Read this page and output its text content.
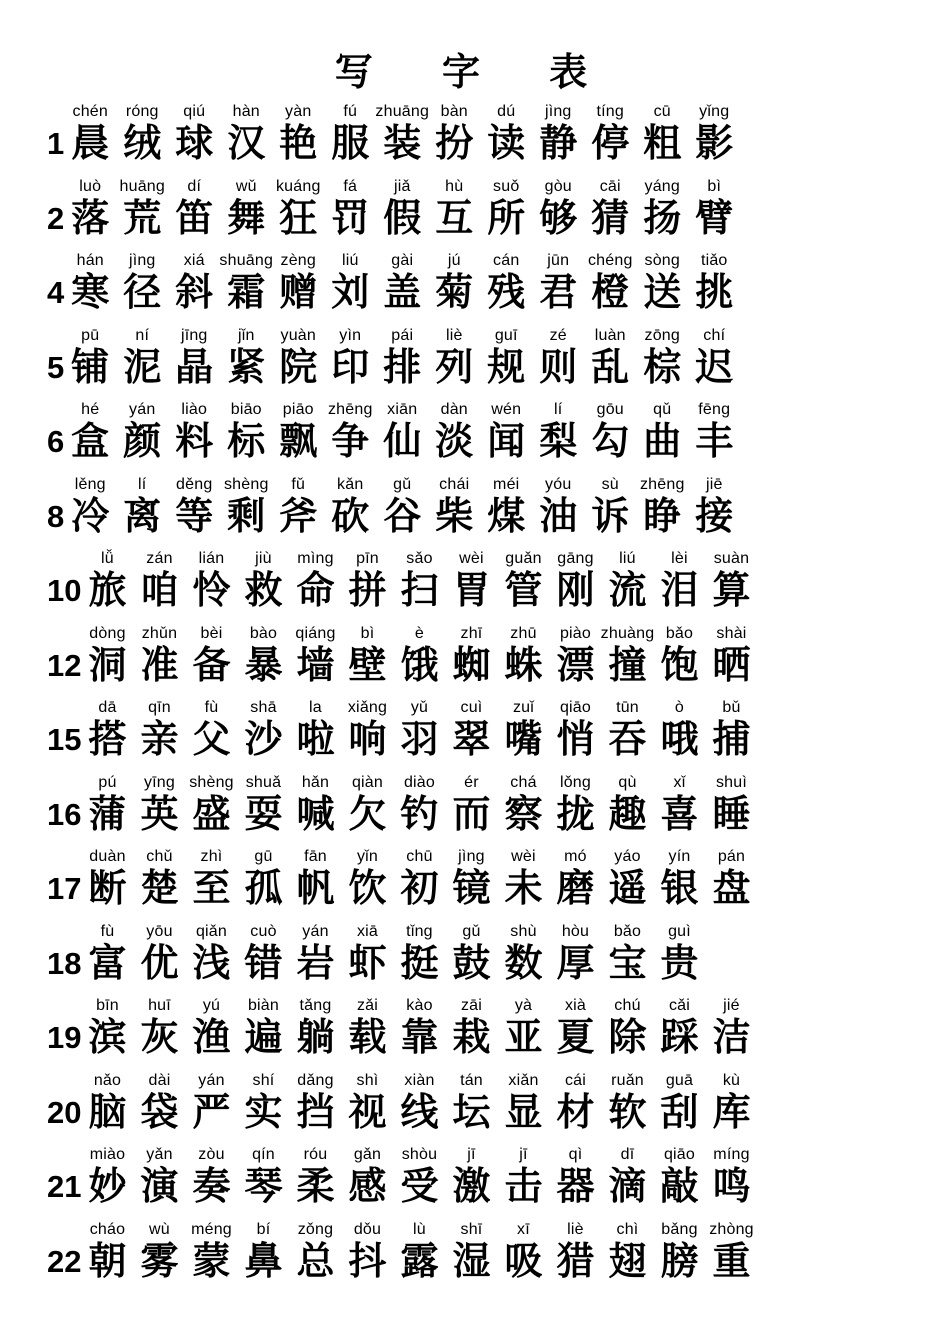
写 字 表
1
chén
晨
róng
绒
qiú
球
hàn
汉
yàn
艳
fú
服
zhuāng
装
bàn
扮
dú
读
jìng
静
tíng
停
cū
粗
yǐng
影
2
luò
落
huāng
荒
dí
笛
wǔ
舞
kuáng
狂
fá
罚
jiǎ
假
hù
互
suǒ
所
gòu
够
cāi
猜
yáng
扬
bì
臂
4
hán
寒
jìng
径
xiá
斜
shuāng
霜
zèng
赠
liú
刘
gài
盖
jú
菊
cán
残
jūn
君
chéng
橙
sòng
送
tiǎo
挑
5
pū
铺
ní
泥
jīng
晶
jǐn
紧
yuàn
院
yìn
印
pái
排
liè
列
guī
规
zé
则
luàn
乱
zōng
棕
chí
迟
6
hé
盒
yán
颜
liào
料
biāo
标
piāo
飘
zhēng
争
xiān
仙
dàn
淡
wén
闻
lí
梨
gōu
勾
qǔ
曲
fēng
丰
8
lěng
冷
lí
离
děng
等
shèng
剩
fǔ
斧
kǎn
砍
gǔ
谷
chái
柴
méi
煤
yóu
油
sù
诉
zhēng
睁
jiē
接
10
lǚ
旅
zán
咱
lián
怜
jiù
救
mìng
命
pīn
拼
sǎo
扫
wèi
胃
guǎn
管
gāng
刚
liú
流
lèi
泪
suàn
算
12
dòng
洞
zhǔn
准
bèi
备
bào
暴
qiáng
墙
bì
壁
è
饿
zhī
蜘
zhū
蛛
piào
漂
zhuàng
撞
bǎo
饱
shài
晒
15
dā
搭
qīn
亲
fù
父
shā
沙
la
啦
xiǎng
响
yǔ
羽
cuì
翠
zuǐ
嘴
qiāo
悄
tūn
吞
ò
哦
bǔ
捕
16
pú
蒲
yīng
英
shèng
盛
shuǎ
耍
hǎn
喊
qiàn
欠
diào
钓
ér
而
chá
察
lǒng
拢
qù
趣
xǐ
喜
shuì
睡
17
duàn
断
chǔ
楚
zhì
至
gū
孤
fān
帆
yǐn
饮
chū
初
jìng
镜
wèi
未
mó
磨
yáo
遥
yín
银
pán
盘
18
fù
富
yōu
优
qiǎn
浅
cuò
错
yán
岩
xiā
虾
tǐng
挺
gǔ
鼓
shù
数
hòu
厚
bǎo
宝
guì
贵
19
bīn
滨
huī
灰
yú
渔
biàn
遍
tǎng
躺
zǎi
载
kào
靠
zāi
栽
yà
亚
xià
夏
chú
除
cǎi
踩
jié
洁
20
nǎo
脑
dài
袋
yán
严
shí
实
dǎng
挡
shì
视
xiàn
线
tán
坛
xiǎn
显
cái
材
ruǎn
软
guā
刮
kù
库
21
miào
妙
yǎn
演
zòu
奏
qín
琴
róu
柔
gǎn
感
shòu
受
jī
激
jī
击
qì
器
dī
滴
qiāo
敲
míng
鸣
22
cháo
朝
wù
雾
méng
蒙
bí
鼻
zǒng
总
dǒu
抖
lù
露
shī
湿
xī
吸
liè
猎
chì
翅
bǎng
膀
zhòng
重
